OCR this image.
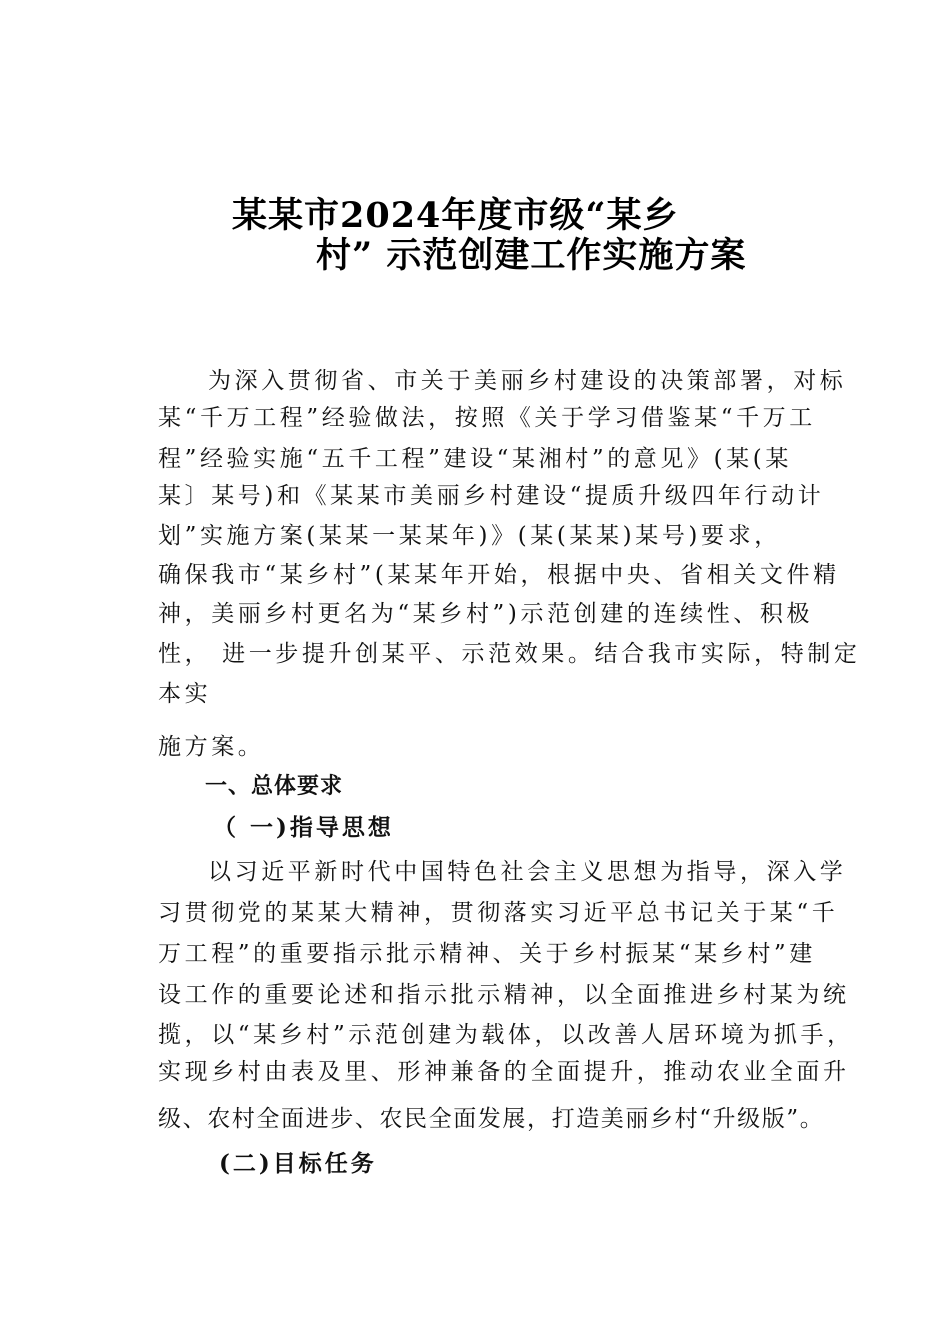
某某市2024年度市级“某乡
村” 示范创建工作实施方案

为深入贯彻省、市关于美丽乡村建设的决策部署，对标

某“千万工程”经验做法，按照《关于学习借鉴某“千万工

程”经验实施“五千工程”建设“某湘村”的意见》(某(某

某〕某号)和《某某市美丽乡村建设“提质升级四年行动计

划”实施方案(某某一某某年)》(某(某某)某号)要求，

确保我市“某乡村”(某某年开始，根据中央、省相关文件精

神，美丽乡村更名为“某乡村”)示范创建的连续性、积极

性， 进一步提升创某平、示范效果。结合我市实际，特制定

本实

施方案。

一、总体要求
（ 一)指导思想

以习近平新时代中国特色社会主义思想为指导，深入学

习贯彻党的某某大精神，贯彻落实习近平总书记关于某“千

万工程”的重要指示批示精神、关于乡村振某“某乡村”建

设工作的重要论述和指示批示精神，以全面推进乡村某为统

揽，以“某乡村”示范创建为载体，以改善人居环境为抓手，

实现乡村由表及里、形神兼备的全面提升，推动农业全面升

级、农村全面进步、农民全面发展，打造美丽乡村“升级版”。

(二)目标任务
